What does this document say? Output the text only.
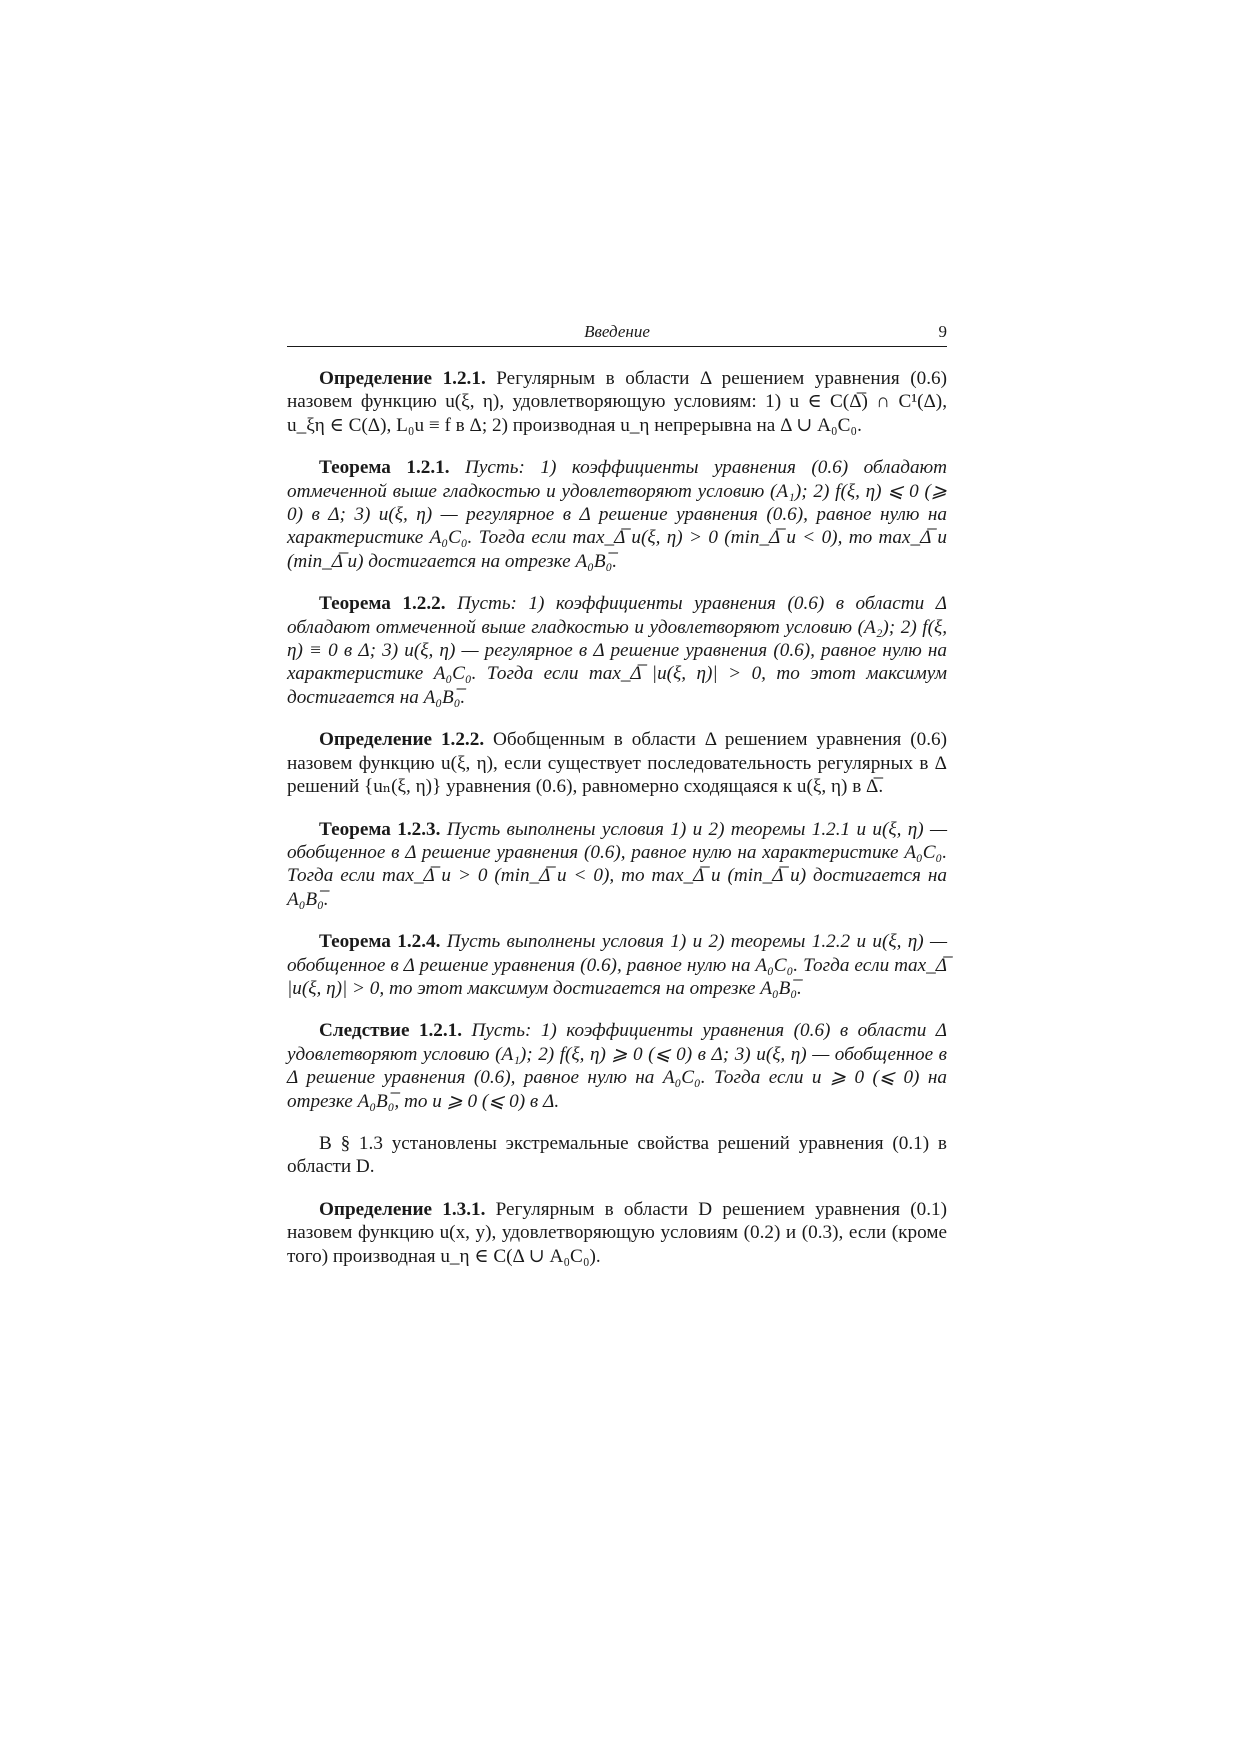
Введение	9

Определение 1.2.1. Регулярным в области Δ решением уравнения (0.6) назовем функцию u(ξ, η), удовлетворяющую условиям: 1) u ∈ C(Δ̅) ∩ C¹(Δ), u_ξη ∈ C(Δ), L₀u ≡ f в Δ; 2) производная u_η непрерывна на Δ ∪ A₀C₀.

Теорема 1.2.1. Пусть: 1) коэффициенты уравнения (0.6) обладают отмеченной выше гладкостью и удовлетворяют условию (A₁); 2) f(ξ, η) ⩽ 0 (⩾ 0) в Δ; 3) u(ξ, η) — регулярное в Δ решение уравнения (0.6), равное нулю на характеристике A₀C₀. Тогда если max_Δ̅ u(ξ, η) > 0 (min_Δ̅ u < 0), то max_Δ̅ u (min_Δ̅ u) достигается на отрезке A₀B₀̅.

Теорема 1.2.2. Пусть: 1) коэффициенты уравнения (0.6) в области Δ обладают отмеченной выше гладкостью и удовлетворяют условию (A₂); 2) f(ξ, η) ≡ 0 в Δ; 3) u(ξ, η) — регулярное в Δ решение уравнения (0.6), равное нулю на характеристике A₀C₀. Тогда если max_Δ̅ |u(ξ, η)| > 0, то этот максимум достигается на A₀B₀̅.

Определение 1.2.2. Обобщенным в области Δ решением уравнения (0.6) назовем функцию u(ξ, η), если существует последовательность регулярных в Δ решений {uₙ(ξ, η)} уравнения (0.6), равномерно сходящаяся к u(ξ, η) в Δ̅.

Теорема 1.2.3. Пусть выполнены условия 1) и 2) теоремы 1.2.1 и u(ξ, η) — обобщенное в Δ решение уравнения (0.6), равное нулю на характеристике A₀C₀. Тогда если max_Δ̅ u > 0 (min_Δ̅ u < 0), то max_Δ̅ u (min_Δ̅ u) достигается на A₀B₀̅.

Теорема 1.2.4. Пусть выполнены условия 1) и 2) теоремы 1.2.2 и u(ξ, η) — обобщенное в Δ решение уравнения (0.6), равное нулю на A₀C₀. Тогда если max_Δ̅ |u(ξ, η)| > 0, то этот максимум достигается на отрезке A₀B₀̅.

Следствие 1.2.1. Пусть: 1) коэффициенты уравнения (0.6) в области Δ удовлетворяют условию (A₁); 2) f(ξ, η) ⩾ 0 (⩽ 0) в Δ; 3) u(ξ, η) — обобщенное в Δ решение уравнения (0.6), равное нулю на A₀C₀. Тогда если u ⩾ 0 (⩽ 0) на отрезке A₀B₀̅, то u ⩾ 0 (⩽ 0) в Δ.

В § 1.3 установлены экстремальные свойства решений уравнения (0.1) в области D.

Определение 1.3.1. Регулярным в области D решением уравнения (0.1) назовем функцию u(x, y), удовлетворяющую условиям (0.2) и (0.3), если (кроме того) производная u_η ∈ C(Δ ∪ A₀C₀).
